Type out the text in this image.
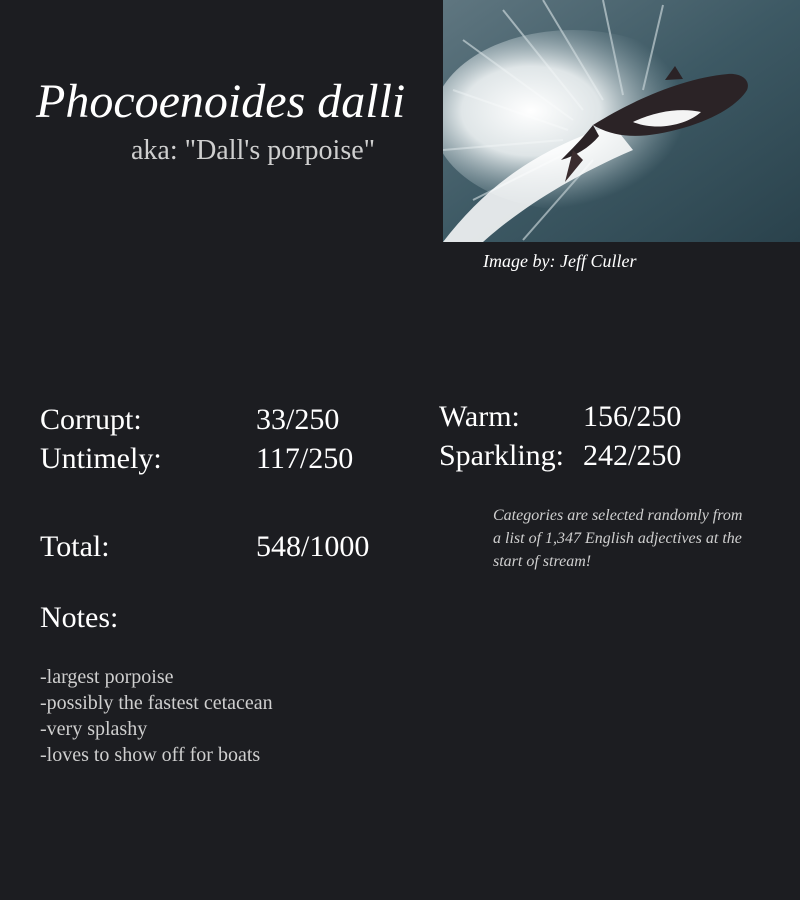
Phocoenoides dalli
aka: "Dall's porpoise"
Image by: Jeff Culler
Corrupt:	33/250
Untimely:	117/250
Warm: 156/250
Sparkling: 242/250
Total:	548/1000
Categories are selected randomly from a list of 1,347 English adjectives at the start of stream!
Notes:
-largest porpoise
-possibly the fastest cetacean
-very splashy
-loves to show off for boats
